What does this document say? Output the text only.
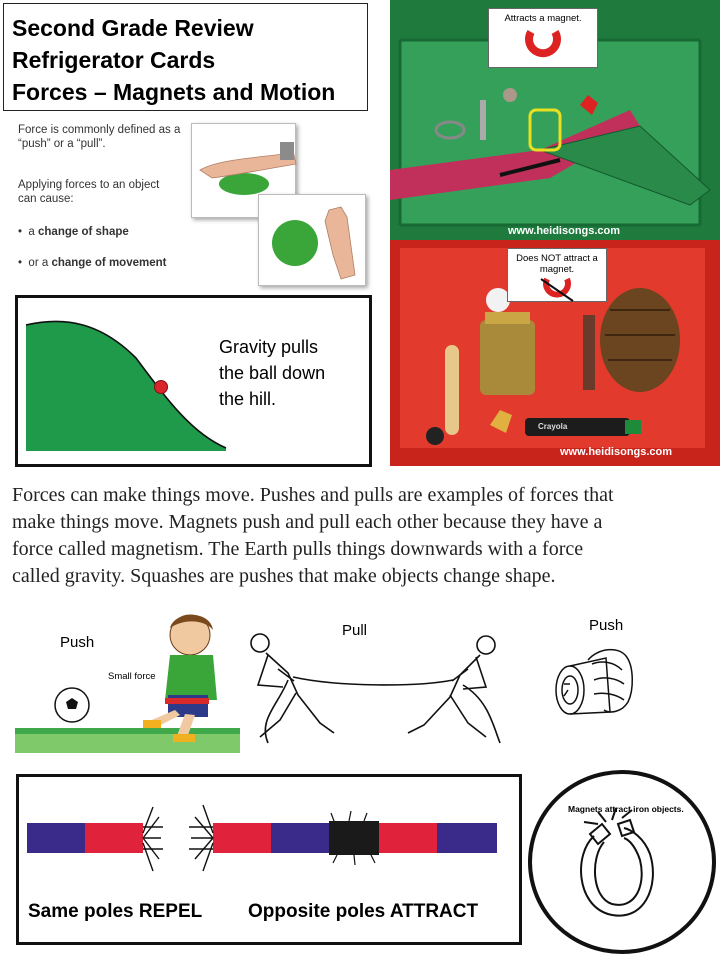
Second Grade Review
Refrigerator Cards
Forces – Magnets and Motion
Force is commonly defined as a
“push” or a “pull”.
Applying forces to an object
can cause:
•  a change of shape
•  or a change of movement
Attracts a magnet.
www.heidisongs.com
Does NOT attract a
magnet.
Crayola
www.heidisongs.com
Gravity pulls
the ball down
the hill.
Forces can make things move. Pushes and pulls are examples of forces that
make things move. Magnets push and pull each other because they have a
force called magnetism. The Earth pulls things downwards with a force
called gravity. Squashes are pushes that make objects change shape.
Push
Small force
Pull	Push
Same poles REPEL Opposite poles ATTRACT
Magnets attract iron objects.
